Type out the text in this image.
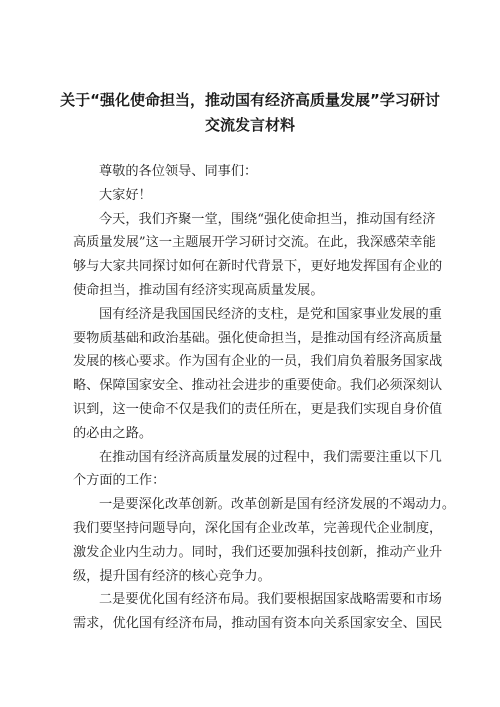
关于“强化使命担当，推动国有经济高质量发展”学习研讨
交流发言材料
尊敬的各位领导、同事们：
大家好！
今天，我们齐聚一堂，围绕“强化使命担当，推动国有经济
高质量发展”这一主题展开学习研讨交流。在此，我深感荣幸能
够与大家共同探讨如何在新时代背景下，更好地发挥国有企业的
使命担当，推动国有经济实现高质量发展。
国有经济是我国国民经济的支柱，是党和国家事业发展的重
要物质基础和政治基础。强化使命担当，是推动国有经济高质量
发展的核心要求。作为国有企业的一员，我们肩负着服务国家战
略、保障国家安全、推动社会进步的重要使命。我们必须深刻认
识到，这一使命不仅是我们的责任所在，更是我们实现自身价值
的必由之路。
在推动国有经济高质量发展的过程中，我们需要注重以下几
个方面的工作：
一是要深化改革创新。改革创新是国有经济发展的不竭动力。
我们要坚持问题导向，深化国有企业改革，完善现代企业制度，
激发企业内生动力。同时，我们还要加强科技创新，推动产业升
级，提升国有经济的核心竞争力。
二是要优化国有经济布局。我们要根据国家战略需要和市场
需求，优化国有经济布局，推动国有资本向关系国家安全、国民
